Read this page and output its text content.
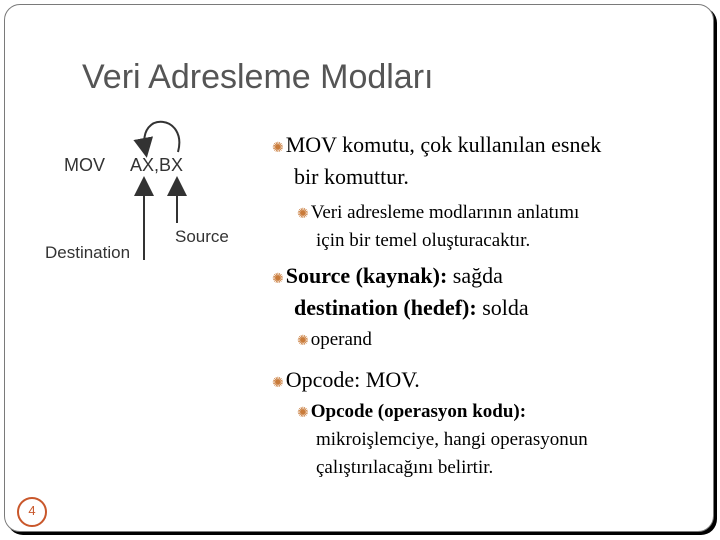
Veri Adresleme Modları
MOV AX,BX
Destination
Source
✺MOV komutu, çok kullanılan esnek
bir komuttur.
✺ Veri adresleme modlarının anlatımı
için bir temel oluşturacaktır.
✺Source (kaynak): sağda
destination (hedef): solda
✺ operand
✺Opcode: MOV.
✺ Opcode (operasyon kodu):
mikroişlemciye, hangi operasyonun
çalıştırılacağını belirtir.
4
